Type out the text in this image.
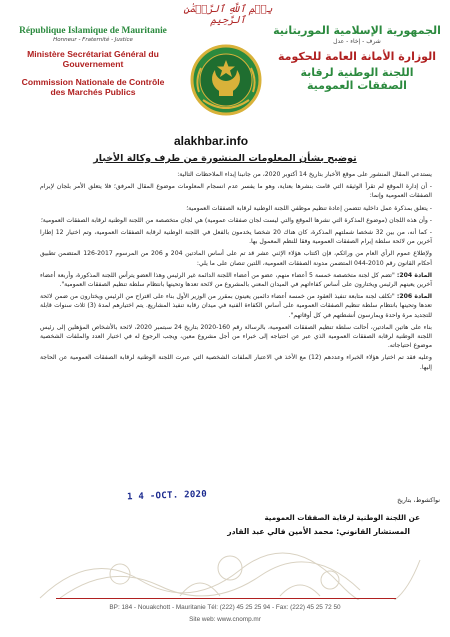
بِسۡمِ ٱللَّهِ ٱلرَّحۡمَٰنِ ٱلرَّحِيمِ
République Islamique de Mauritanie
Honneur - Fraternité - Justice
Ministère Secrétariat Général du Gouvernement
Commission Nationale de Contrôle des Marchés Publics
الجمهورية الإسلامية الموريتانية
شرف - إخاء - عدل
الوزارة الأمانة العامة للحكومة
اللجنة الوطنية لرقابة
الصفقات العمومية
alakhbar.info
توضيح بشأن المعلومات المنشورة من طرف وكالة الأخبار

يستدعي المقال المنشور على موقع الأخبار بتاريخ 14 أكتوبر 2020، من جانبنا إبداء الملاحظات التالية:

- أن إدارة الموقع لم تقرأ الوثيقة التي قامت بنشرها بعناية، وهو ما يفسر عدم انسجام المعلومات موضوع المقال المرفق؛ فلا يتعلق الأمر بلجان لإبرام الصفقات العمومية وإنما:

- يتعلق بمذكرة عمل داخلية تتضمن إعادة تنظيم موظفي اللجنة الوطنية لرقابة الصفقات العمومية؛

- وأن هذه اللجان (موضوع المذكرة التي نشرها الموقع والتي ليست لجان صفقات عمومية) هي لجان متخصصة من اللجنة الوطنية لرقابة الصفقات العمومية؛

- كما أنه، من بين 32 شخصا شملتهم المذكرة، كان هناك 20 شخصا يخدمون بالفعل في اللجنة الوطنية لرقابة الصفقات العمومية، وتم اختيار 12 إطارا آخرين من لائحة سلطة إبرام الصفقات العمومية وفقا للنظم المعمول بها.

ولإطلاع عموم الرأي العام من ورائكم، فإن اكتتاب هؤلاء الإثني عشر قد تم على أساس المادتين 204 و 206 من المرسوم 2017-126 المتضمن تطبيق أحكام القانون رقم 2010-044 المتضمن مدونة الصفقات العمومية، اللتين تنصان على ما يلي:

المادة 204: "تضم كل لجنة متخصصة خمسة 5 أعضاء منهم، عضو من أعضاء اللجنة الدائمة غير الرئيس وهذا العضو يترأس اللجنة المذكورة، وأربعة أعضاء آخرين يعينهم الرئيس ويختارون على أساس كفاءاتهم في الميدان المعني بالمشروع من لائحة تعدها وتحينها بانتظام سلطة تنظيم الصفقات العمومية".

المادة 206: "تكلف لجنة متابعة تنفيذ العقود من خمسة أعضاء دائمين يعينون بمقرر من الوزير الأول بناء على اقتراح من الرئيس ويختارون من ضمن لائحة تعدها وتحينها بانتظام سلطة تنظيم الصفقات العمومية على أساس الكفاءة الفنية في ميدان رقابة تنفيذ المشاريع. يتم اختيارهم لمدة (3) ثلاث سنوات قابلة للتجديد مرة واحدة ويمارسون أنشطتهم في كل أوقاتهم".

بناء على هاتين المادتين، أحالت سلطة تنظيم الصفقات العمومية، بالرسالة رقم 160-2020 بتاريخ 24 سبتمبر 2020، لائحة بالأشخاص المؤهلين إلى رئيس اللجنة الوطنية لرقابة الصفقات العمومية الذي عبر عن احتياجه إلى خبراء من أجل مشروع معين، ويجب الرجوع له في اختيار العدد والملفات الشخصية موضوع احتياجاته.

وعليه فقد تم اختيار هؤلاء الخبراء وعددهم (12) مع الأخذ في الاعتبار الملفات الشخصية التي عبرت اللجنة الوطنية لرقابة الصفقات العمومية عن الحاجة إليها.

نواكشوط، بتاريخ
1 4 -OCT. 2020
عن اللجنة الوطنية لرقابة الصفقات العمومية
المستشار القانوني: محمد الأمين فالي عبد القادر
BP: 184 - Nouakchott - Mauritanie Tél: (222) 45 25 25 94 - Fax: (222) 45 25 72 50
Site web: www.cnomp.mr
